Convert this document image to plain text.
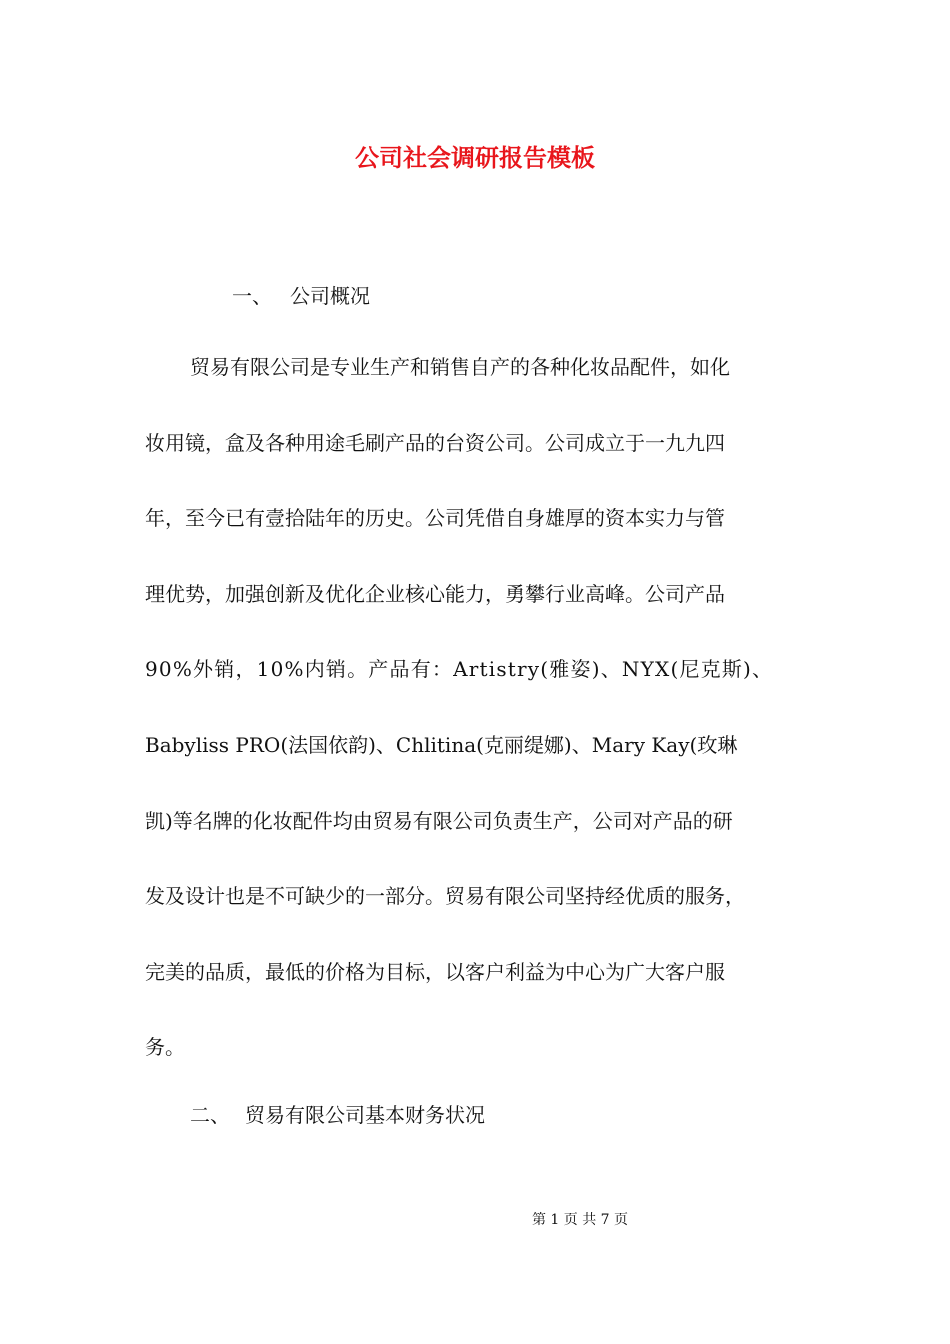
公司社会调研报告模板
一、 公司概况
贸易有限公司是专业生产和销售自产的各种化妆品配件，如化
妆用镜，盒及各种用途毛刷产品的台资公司。公司成立于一九九四
年，至今已有壹拾陆年的历史。公司凭借自身雄厚的资本实力与管
理优势，加强创新及优化企业核心能力，勇攀行业高峰。公司产品
90%外销，10%内销。产品有：Artistry(雅姿)、NYX(尼克斯)、
Babyliss PRO(法国依韵)、Chlitina(克丽缇娜)、Mary Kay(玫琳
凯)等名牌的化妆配件均由贸易有限公司负责生产，公司对产品的研
发及设计也是不可缺少的一部分。贸易有限公司坚持经优质的服务，
完美的品质，最低的价格为目标，以客户利益为中心为广大客户服
务。
二、 贸易有限公司基本财务状况
第 1 页 共 7 页
